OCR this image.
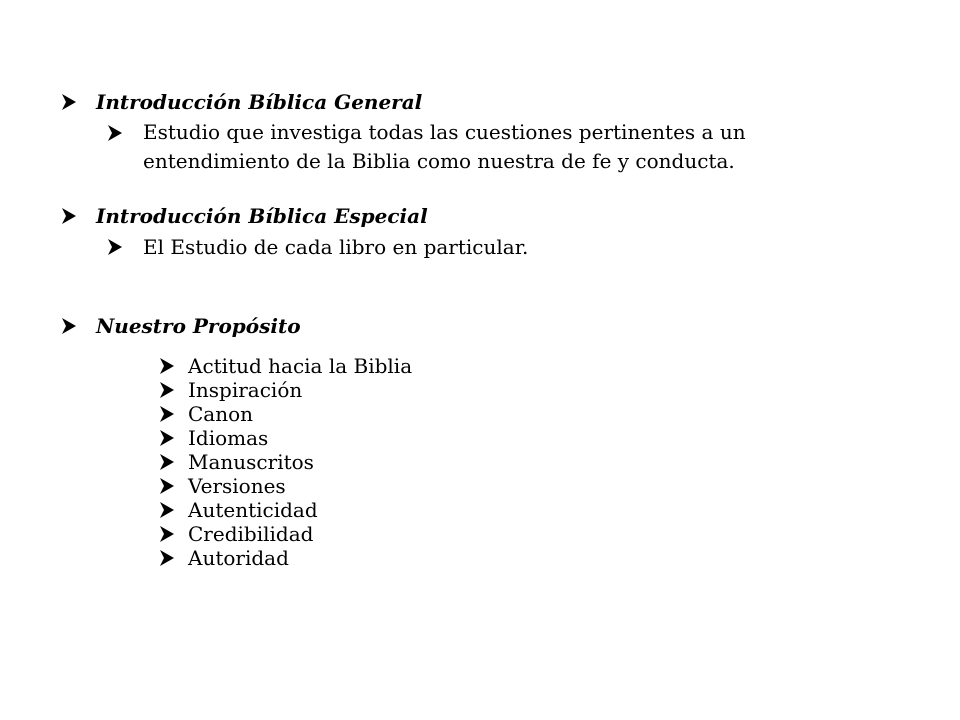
Introducción Bíblica General
Estudio que investiga todas las cuestiones pertinentes a un entendimiento de la Biblia como nuestra de fe y conducta.
Introducción Bíblica Especial
El Estudio de cada libro en particular.
Nuestro Propósito
Actitud hacia la Biblia
Inspiración
Canon
Idiomas
Manuscritos
Versiones
Autenticidad
Credibilidad
Autoridad
